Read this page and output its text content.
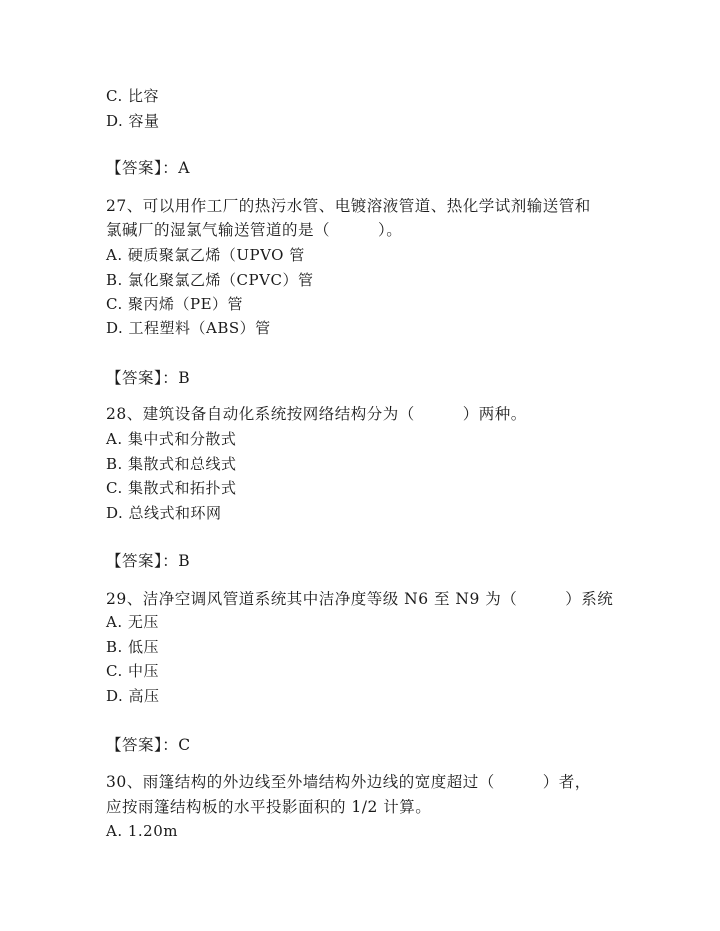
C. 比容
D. 容量
【答案】：A
27、可以用作工厂的热污水管、电镀溶液管道、热化学试剂输送管和
氯碱厂的湿氯气输送管道的是（　　　）。
A. 硬质聚氯乙烯（UPVO 管
B. 氯化聚氯乙烯（CPVC）管
C. 聚丙烯（PE）管
D. 工程塑料（ABS）管
【答案】：B
28、建筑设备自动化系统按网络结构分为（　　　）两种。
A. 集中式和分散式
B. 集散式和总线式
C. 集散式和拓扑式
D. 总线式和环网
【答案】：B
29、洁净空调风管道系统其中洁净度等级 N6 至 N9 为（　　　）系统
A. 无压
B. 低压
C. 中压
D. 高压
【答案】：C
30、雨篷结构的外边线至外墙结构外边线的宽度超过（　　　）者，
应按雨篷结构板的水平投影面积的 1/2 计算。
A. 1.20m
